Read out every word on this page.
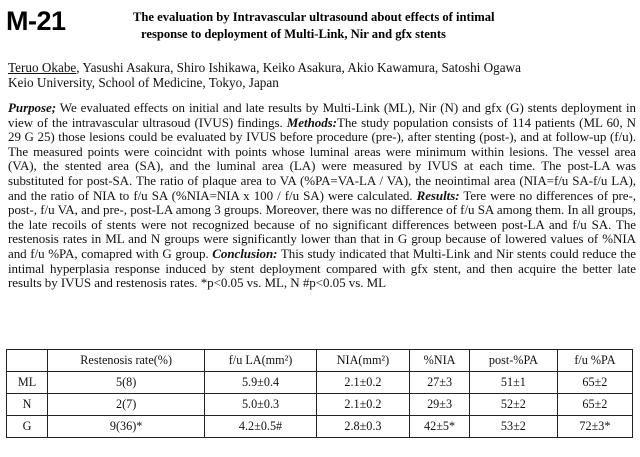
M-21	The evaluation by Intravascular ultrasound about effects of intimal
response to deployment of Multi-Link, Nir and gfx stents
Teruo Okabe, Yasushi Asakura, Shiro Ishikawa, Keiko Asakura, Akio Kawamura, Satoshi Ogawa
Keio University, School of Medicine, Tokyo, Japan
Purpose; We evaluated effects on initial and late results by Multi-Link (ML), Nir (N) and gfx (G) stents deployment in view of the intravascular ultrasoud (IVUS) findings. Methods:The study population consists of 114 patients (ML 60, N 29 G 25) those lesions could be evaluated by IVUS before procedure (pre-), after stenting (post-), and at follow-up (f/u). The measured points were coincidnt with points whose luminal areas were minimum within lesions. The vessel area (VA), the stented area (SA), and the luminal area (LA) were measured by IVUS at each time. The post-LA was substituted for post-SA. The ratio of plaque area to VA (%PA=VA-LA / VA), the neointimal area (NIA=f/u SA-f/u LA), and the ratio of NIA to f/u SA (%NIA=NIA x 100 / f/u SA) were calculated. Results: Tere were no differences of pre-, post-, f/u VA, and pre-, post-LA among 3 groups. Moreover, there was no difference of f/u SA among them. In all groups, the late recoils of stents were not recognized because of no significant differences between post-LA and f/u SA. The restenosis rates in ML and N groups were significantly lower than that in G group because of lowered values of %NIA and f/u %PA, comapred with G group. Conclusion: This study indicated that Multi-Link and Nir stents could reduce the intimal hyperplasia response induced by stent deployment compared with gfx stent, and then acquire the better late results by IVUS and restenosis rates. *p<0.05 vs. ML, N #p<0.05 vs. ML
	Restenosis rate(%)	f/u LA(mm²)	NIA(mm²)	%NIA	post-%PA	f/u %PA
ML	5(8)	5.9±0.4	2.1±0.2	27±3	51±1	65±2
N	2(7)	5.0±0.3	2.1±0.2	29±3	52±2	65±2
G	9(36)*	4.2±0.5#	2.8±0.3	42±5*	53±2	72±3*
